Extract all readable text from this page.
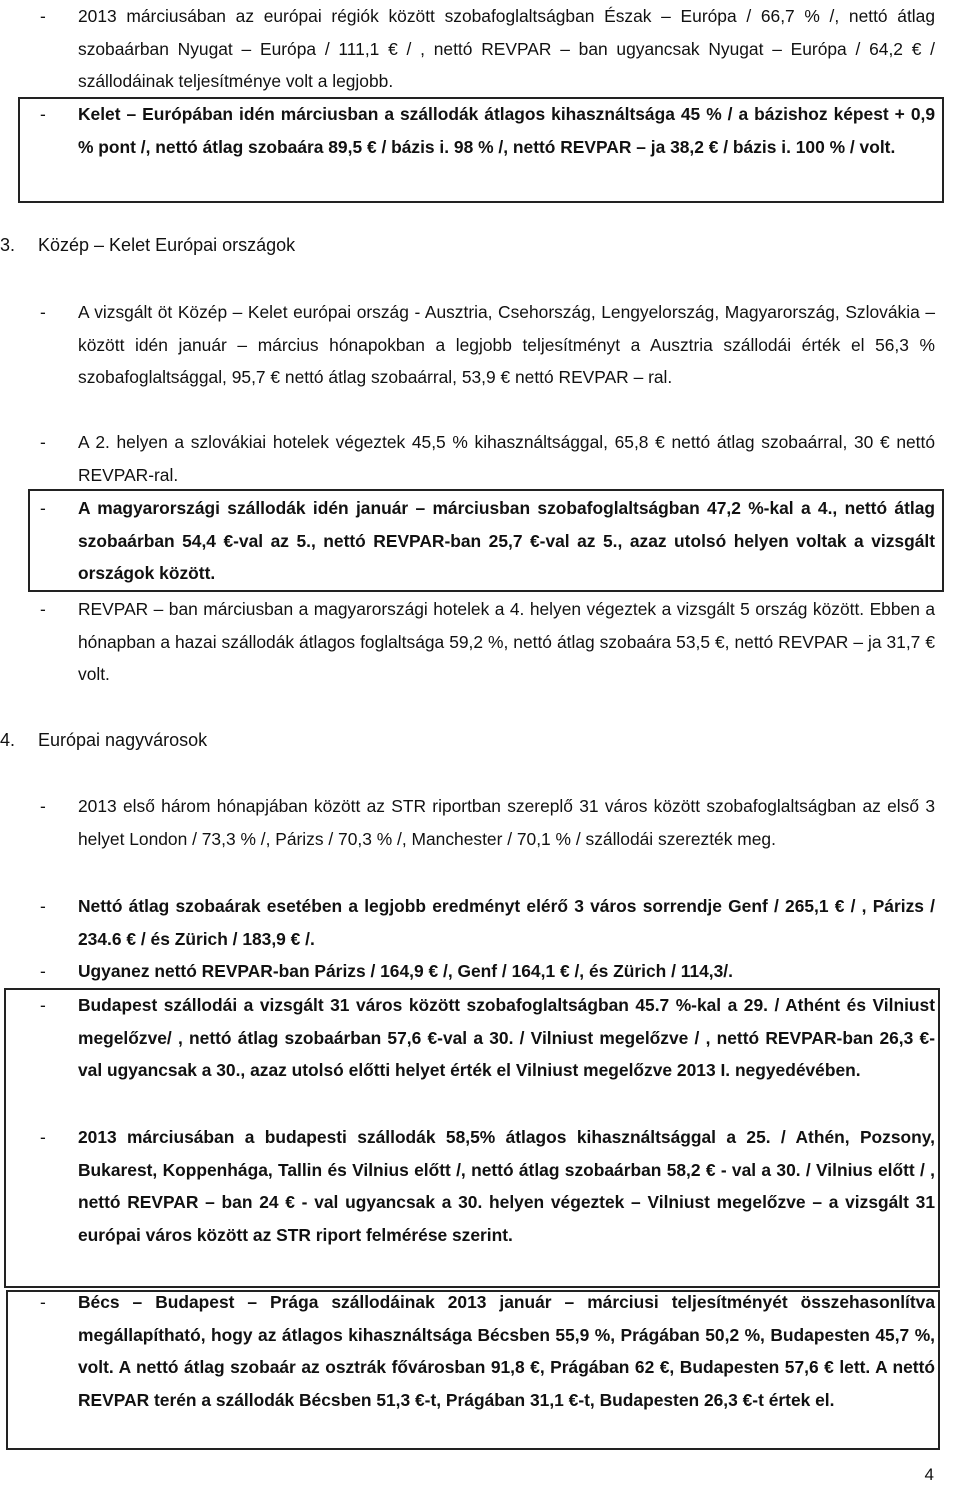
-	2013 márciusában az európai régiók között szobafoglaltságban Észak – Európa / 66,7 % /, nettó átlag szobaárban Nyugat – Európa / 111,1 € / , nettó REVPAR – ban ugyancsak Nyugat – Európa / 64,2 € / szállodáinak teljesítménye volt a legjobb.
-	Kelet – Európában idén márciusban a szállodák átlagos kihasználtsága 45 % / a bázishoz képest + 0,9 % pont /, nettó átlag szobaára 89,5 € / bázis i. 98 % /, nettó REVPAR – ja 38,2 € / bázis i. 100 % / volt.
3. Közép – Kelet Európai országok
-	A vizsgált öt Közép – Kelet európai ország - Ausztria, Csehország, Lengyelország, Magyarország, Szlovákia – között idén január – március hónapokban a legjobb teljesítményt a Ausztria szállodái érték el 56,3 % szobafoglaltsággal, 95,7 € nettó átlag szobaárral, 53,9 € nettó REVPAR – ral.
-	A 2. helyen a szlovákiai hotelek végeztek 45,5 % kihasználtsággal, 65,8 € nettó átlag szobaárral, 30 € nettó REVPAR-ral.
-	A magyarországi szállodák idén január – márciusban szobafoglaltságban 47,2 %-kal a 4., nettó átlag szobaárban 54,4 €-val az 5., nettó REVPAR-ban 25,7 €-val az 5., azaz utolsó helyen voltak a vizsgált országok között.
-	REVPAR – ban márciusban a magyarországi hotelek a 4. helyen végeztek a vizsgált 5 ország között. Ebben a hónapban a hazai szállodák átlagos foglaltsága 59,2 %, nettó átlag szobaára 53,5 €, nettó REVPAR – ja 31,7 € volt.
4. Európai nagyvárosok
-	2013 első három hónapjában között az STR riportban szereplő 31 város között szobafoglaltságban az első 3 helyet London / 73,3 % /, Párizs / 70,3 % /, Manchester / 70,1 % / szállodái szerezték meg.
-	Nettó átlag szobaárak esetében a legjobb eredményt elérő 3 város sorrendje Genf / 265,1 € / , Párizs / 234.6 € / és Zürich / 183,9 € /.
-	Ugyanez nettó REVPAR-ban Párizs / 164,9 € /, Genf / 164,1 € /, és Zürich / 114,3/.
-	Budapest szállodái a vizsgált 31 város között szobafoglaltságban 45.7 %-kal a 29. / Athént és Vilniust megelőzve/ , nettó átlag szobaárban 57,6 €-val a 30. / Vilniust megelőzve / , nettó REVPAR-ban 26,3 €-val ugyancsak a 30., azaz utolsó előtti helyet érték el Vilniust megelőzve 2013 I. negyedévében.
-	2013 márciusában a budapesti szállodák 58,5% átlagos kihasználtsággal a 25. / Athén, Pozsony, Bukarest, Koppenhága, Tallin és Vilnius előtt /, nettó átlag szobaárban 58,2 € - val a 30. / Vilnius előtt / , nettó REVPAR – ban 24 € - val ugyancsak a 30. helyen végeztek – Vilniust megelőzve – a vizsgált 31 európai város között az STR riport felmérése szerint.
-	Bécs – Budapest – Prága szállodáinak 2013 január – márciusi teljesítményét összehasonlítva megállapítható, hogy az átlagos kihasználtsága Bécsben 55,9 %, Prágában 50,2 %, Budapesten 45,7 %, volt. A nettó átlag szobaár az osztrák fővárosban 91,8 €, Prágában 62 €, Budapesten 57,6 € lett. A nettó REVPAR terén a szállodák Bécsben 51,3 €-t, Prágában 31,1 €-t, Budapesten 26,3 €-t értek el.
4
